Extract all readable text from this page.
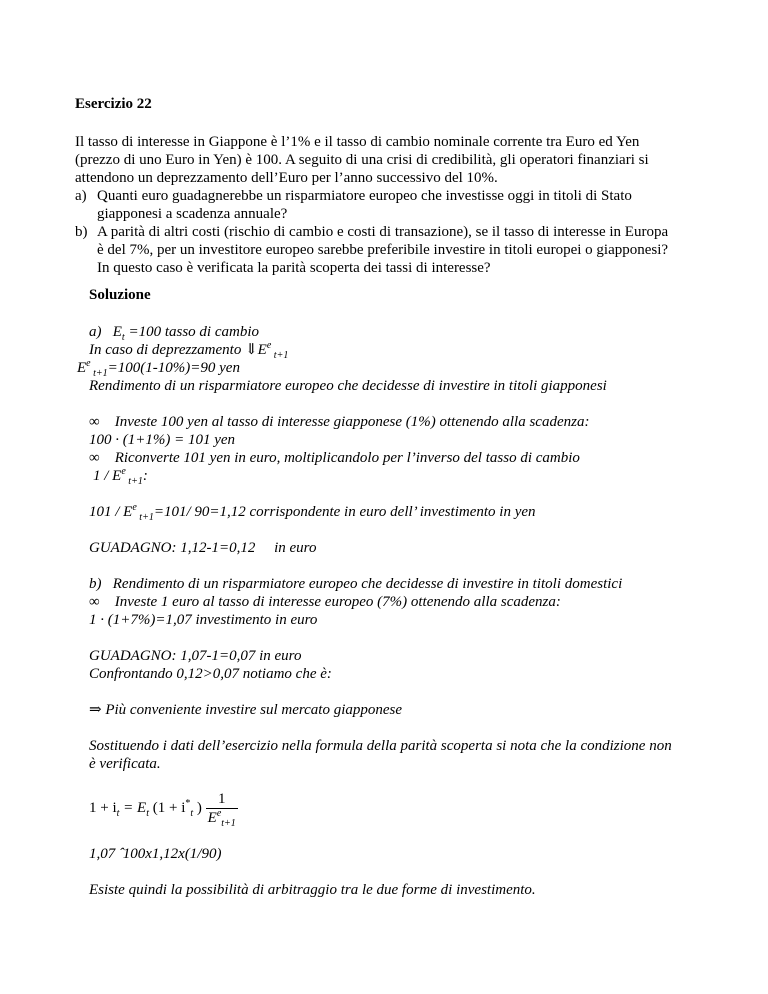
Esercizio 22
Il tasso di interesse in Giappone è l’1% e il tasso di cambio nominale corrente tra Euro ed Yen
(prezzo di uno Euro in Yen) è 100. A seguito di una crisi di credibilità, gli operatori finanziari si
attendono un deprezzamento dell’Euro per l’anno successivo del 10%.
a) Quanti euro guadagnerebbe un risparmiatore europeo che investisse oggi in titoli di Stato
giapponesi a scadenza annuale?
b) A parità di altri costi (rischio di cambio e costi di transazione), se il tasso di interesse in Europa
è del 7%, per un investitore europeo sarebbe preferibile investire in titoli europei o giapponesi?
In questo caso è verificata la parità scoperta dei tassi di interesse?
Soluzione
a) $E_t =100$ tasso di cambio
In caso di deprezzamento $⇓E^e$ $_{t+1}$
$E^e$ $_{t+1}$=100(1-10%)=90 yen
Rendimento di un risparmiatore europeo che decidesse di investire in titoli giapponesi
∞ Investe 100 yen al tasso di interesse giapponese (1%) ottenendo alla scadenza:
100 · (1+1%) = 101 yen
∞ Riconverte 101 yen in euro, moltiplicandolo per l’inverso del tasso di cambio
$1 / E^e$ $_{t+1}$:
$101 / E^e$ $_{t+1}$=101/ 90=1,12 corrispondente in euro dell’ investimento in yen
GUADAGNO: 1,12-1=0,12 in euro
b) Rendimento di un risparmiatore europeo che decidesse di investire in titoli domestici
∞ Investe 1 euro al tasso di interesse europeo (7%) ottenendo alla scadenza:
1 · (1+7%)=1,07 investimento in euro
GUADAGNO: 1,07-1=0,07 in euro
Confrontando 0,12>0,07 notiamo che è:
⇒ Più conveniente investire sul mercato giapponese
Sostituendo i dati dell’esercizio nella formula della parità scoperta si nota che la condizione non
è verificata.
$1 + i_t = E_t$ ($1 + i^*_t$ ) $\frac{1}{E^e_{t+1}}$
1,07 ̂ 100x1,12x(1/90)
Esiste quindi la possibilità di arbitraggio tra le due forme di investimento.
